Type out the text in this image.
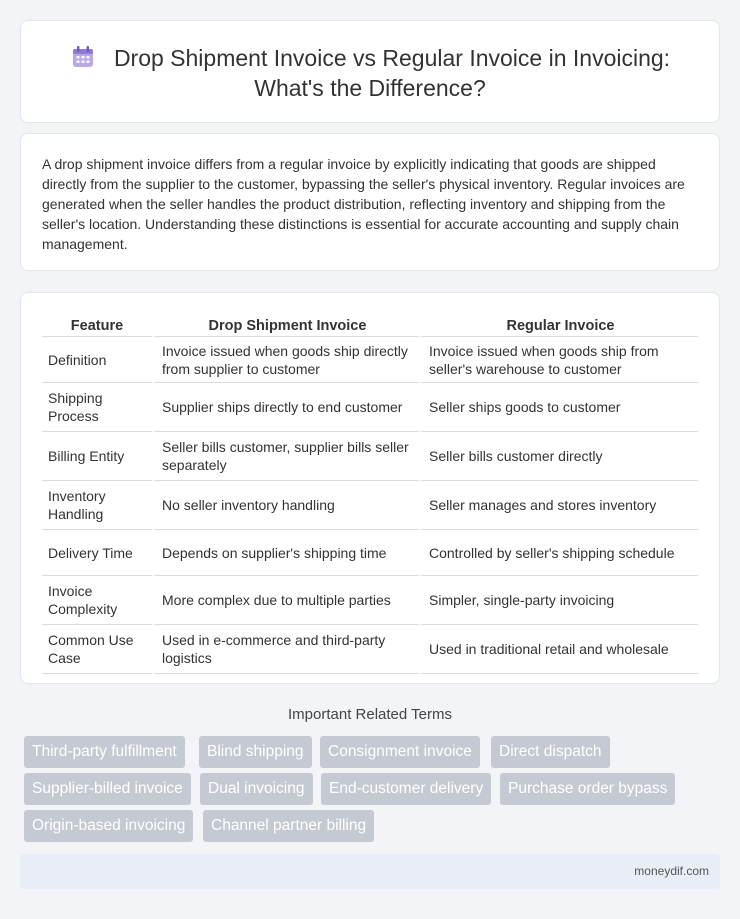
Drop Shipment Invoice vs Regular Invoice in Invoicing:
What's the Difference?

A drop shipment invoice differs from a regular invoice by explicitly indicating that goods are shipped directly from the supplier to the customer, bypassing the seller's physical inventory. Regular invoices are generated when the seller handles the product distribution, reflecting inventory and shipping from the seller's location. Understanding these distinctions is essential for accurate accounting and supply chain management.

Feature	Drop Shipment Invoice	Regular Invoice
Definition	Invoice issued when goods ship directly from supplier to customer	Invoice issued when goods ship from seller's warehouse to customer
Shipping Process	Supplier ships directly to end customer	Seller ships goods to customer
Billing Entity	Seller bills customer, supplier bills seller separately	Seller bills customer directly
Inventory Handling	No seller inventory handling	Seller manages and stores inventory
Delivery Time	Depends on supplier's shipping time	Controlled by seller's shipping schedule
Invoice Complexity	More complex due to multiple parties	Simpler, single-party invoicing
Common Use Case	Used in e-commerce and third-party logistics	Used in traditional retail and wholesale
Important Related Terms
Third-party fulfillment	Blind shipping	Consignment invoice	Direct dispatch
Supplier-billed invoice	Dual invoicing	End-customer delivery	Purchase order bypass
Origin-based invoicing	Channel partner billing
moneydif.com
